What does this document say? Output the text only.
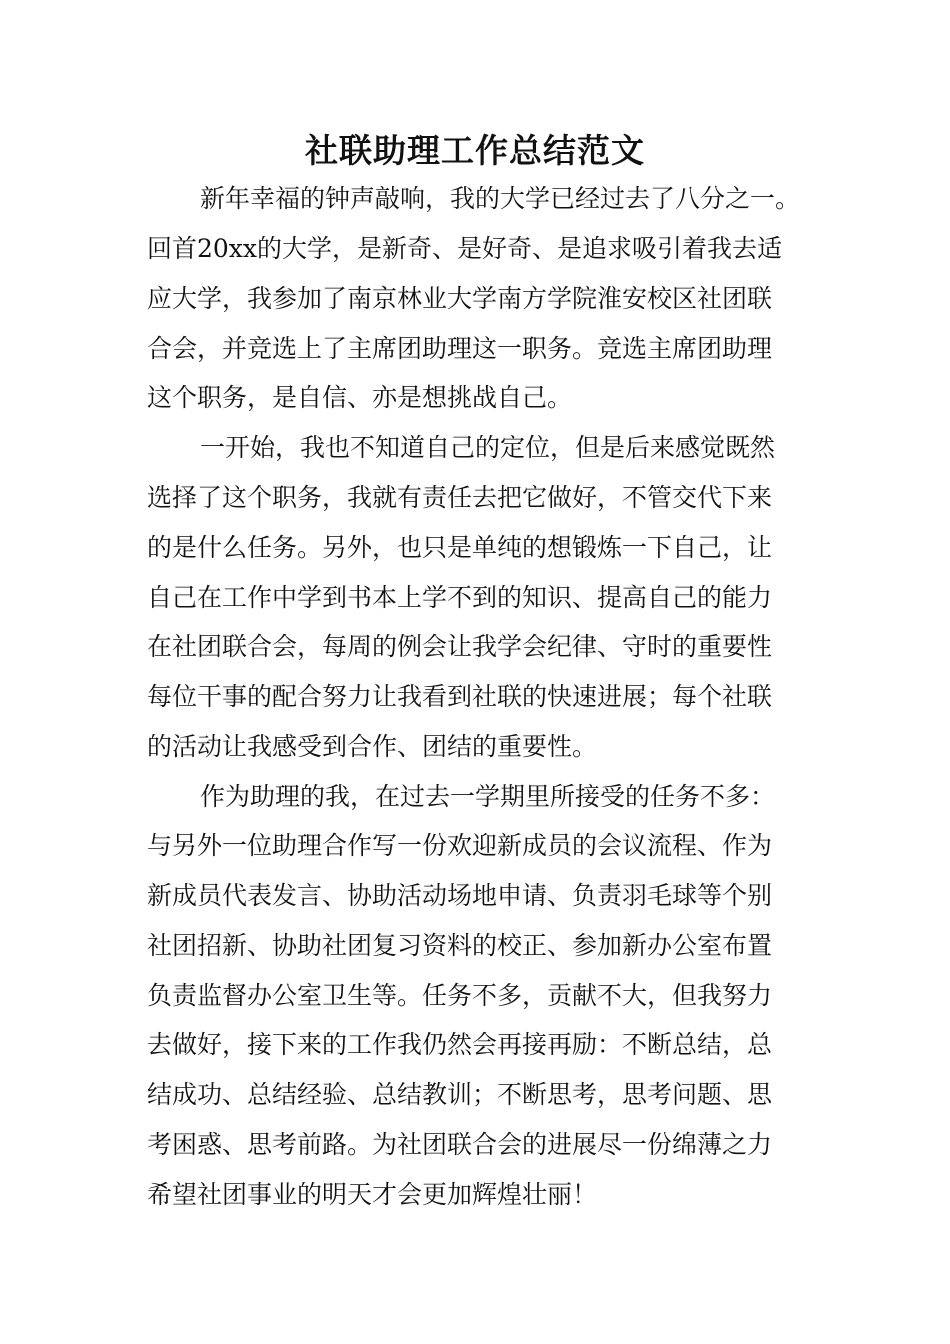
社联助理工作总结范文

新年幸福的钟声敲响，我的大学已经过去了八分之一。

回首20xx的大学，是新奇、是好奇、是追求吸引着我去适

应大学，我参加了南京林业大学南方学院淮安校区社团联

合会，并竞选上了主席团助理这一职务。竞选主席团助理

这个职务，是自信、亦是想挑战自己。

一开始，我也不知道自己的定位，但是后来感觉既然

选择了这个职务，我就有责任去把它做好，不管交代下来

的是什么任务。另外，也只是单纯的想锻炼一下自己，让

自己在工作中学到书本上学不到的知识、提高自己的能力

在社团联合会，每周的例会让我学会纪律、守时的重要性

每位干事的配合努力让我看到社联的快速进展；每个社联

的活动让我感受到合作、团结的重要性。

作为助理的我，在过去一学期里所接受的任务不多：

与另外一位助理合作写一份欢迎新成员的会议流程、作为

新成员代表发言、协助活动场地申请、负责羽毛球等个别

社团招新、协助社团复习资料的校正、参加新办公室布置

负责监督办公室卫生等。任务不多，贡献不大，但我努力

去做好，接下来的工作我仍然会再接再励：不断总结，总

结成功、总结经验、总结教训；不断思考，思考问题、思

考困惑、思考前路。为社团联合会的进展尽一份绵薄之力

希望社团事业的明天才会更加辉煌壮丽！
